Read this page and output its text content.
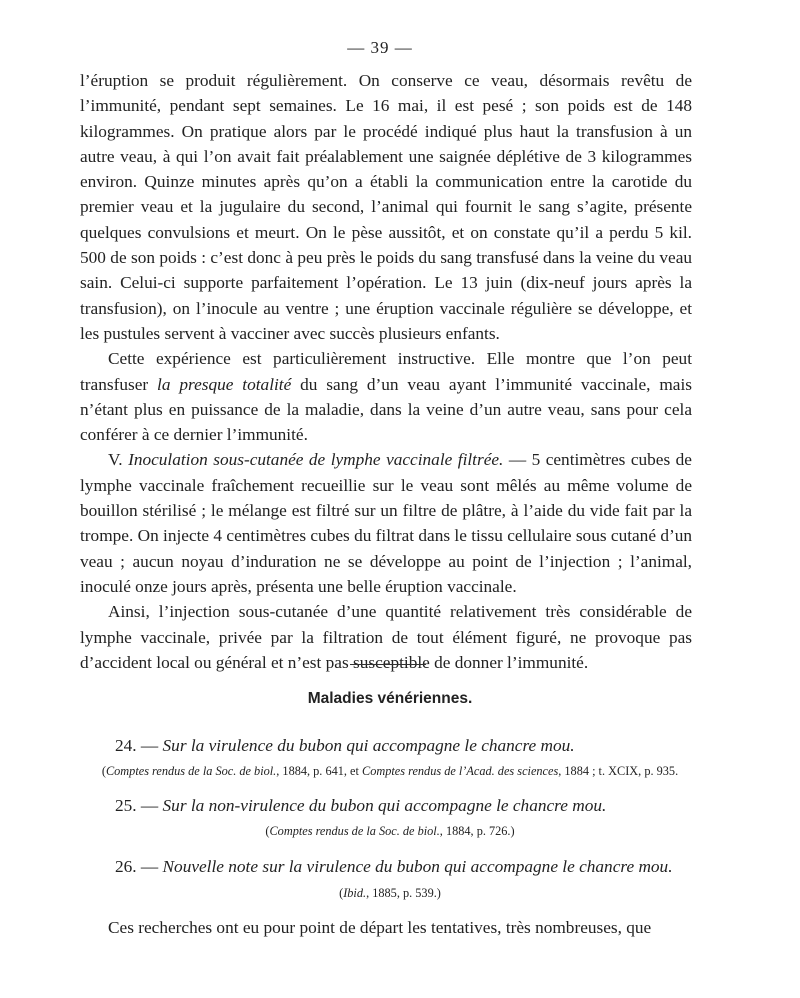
— 39 —

l’éruption se produit régulièrement. On conserve ce veau, désormais revêtu de l’immunité, pendant sept semaines. Le 16 mai, il est pesé ; son poids est de 148 kilogrammes. On pratique alors par le procédé indiqué plus haut la transfusion à un autre veau, à qui l’on avait fait préalablement une saignée déplétive de 3 kilogrammes environ. Quinze minutes après qu’on a établi la communication entre la carotide du premier veau et la jugulaire du second, l’animal qui fournit le sang s’agite, présente quelques convulsions et meurt. On le pèse aussitôt, et on constate qu’il a perdu 5 kil. 500 de son poids : c’est donc à peu près le poids du sang transfusé dans la veine du veau sain. Celui-ci supporte parfaitement l’opération. Le 13 juin (dix-neuf jours après la transfusion), on l’inocule au ventre ; une éruption vaccinale régulière se développe, et les pustules servent à vacciner avec succès plusieurs enfants.

Cette expérience est particulièrement instructive. Elle montre que l’on peut transfuser la presque totalité du sang d’un veau ayant l’immunité vaccinale, mais n’étant plus en puissance de la maladie, dans la veine d’un autre veau, sans pour cela conférer à ce dernier l’immunité.

V. Inoculation sous-cutanée de lymphe vaccinale filtrée. — 5 centimètres cubes de lymphe vaccinale fraîchement recueillie sur le veau sont mêlés au même volume de bouillon stérilisé ; le mélange est filtré sur un filtre de plâtre, à l’aide du vide fait par la trompe. On injecte 4 centimètres cubes du filtrat dans le tissu cellulaire sous cutané d’un veau ; aucun noyau d’induration ne se développe au point de l’injection ; l’animal, inoculé onze jours après, présenta une belle éruption vaccinale.

Ainsi, l’injection sous-cutanée d’une quantité relativement très considérable de lymphe vaccinale, privée par la filtration de tout élément figuré, ne provoque pas d’accident local ou général et n’est pas susceptible de donner l’immunité.

Maladies vénériennes.
24. — Sur la virulence du bubon qui accompagne le chancre mou.
(Comptes rendus de la Soc. de biol., 1884, p. 641, et Comptes rendus de l’Acad. des sciences, 1884 ; t. XCIX, p. 935.
25. — Sur la non-virulence du bubon qui accompagne le chancre mou.
(Comptes rendus de la Soc. de biol., 1884, p. 726.)
26. — Nouvelle note sur la virulence du bubon qui accompagne le chancre mou.
(Ibid., 1885, p. 539.)

Ces recherches ont eu pour point de départ les tentatives, très nombreuses, que
